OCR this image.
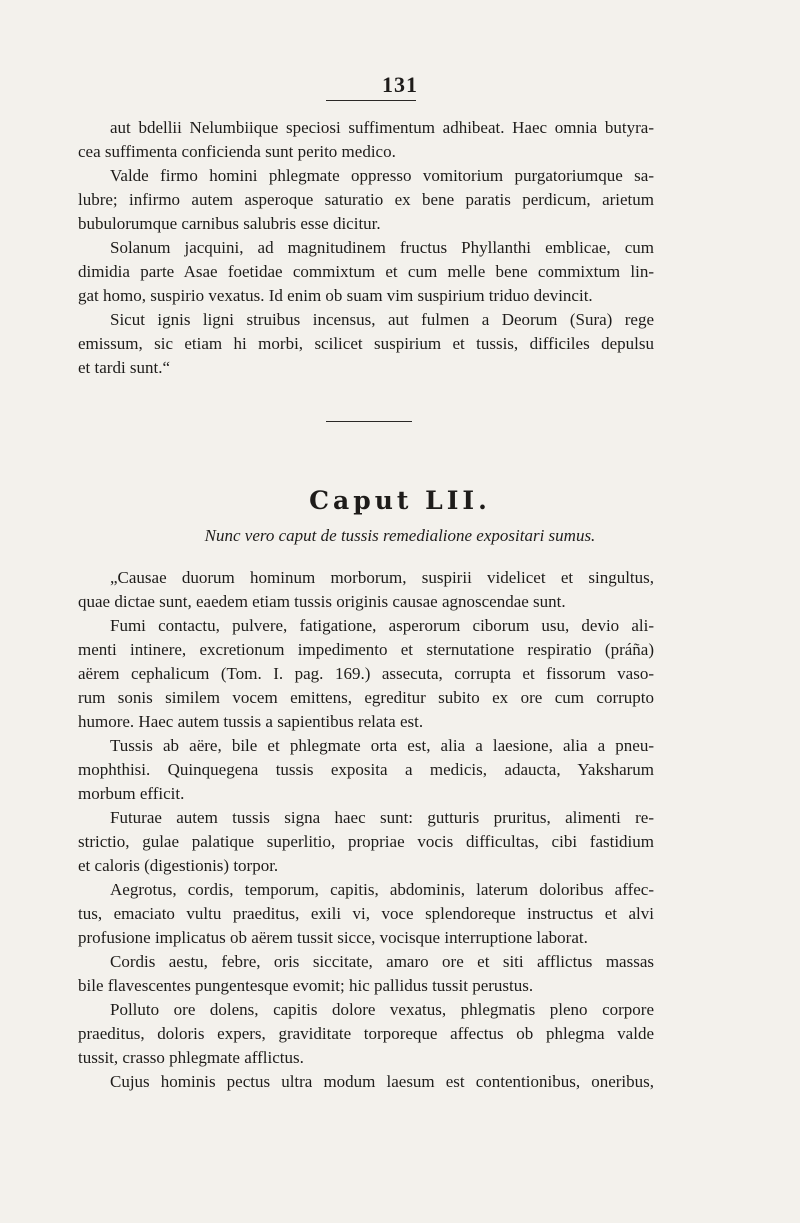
131
aut bdellii Nelumbiique speciosi suffimentum adhibeat. Haec omnia butyra-
cea suffimenta conficienda sunt perito medico.
Valde firmo homini phlegmate oppresso vomitorium purgatoriumque sa-
lubre; infirmo autem asperoque saturatio ex bene paratis perdicum, arietum
bubulorumque carnibus salubris esse dicitur.
Solanum jacquini, ad magnitudinem fructus Phyllanthi emblicae, cum
dimidia parte Asae foetidae commixtum et cum melle bene commixtum lin-
gat homo, suspirio vexatus. Id enim ob suam vim suspirium triduo devincit.
Sicut ignis ligni struibus incensus, aut fulmen a Deorum (Sura) rege
emissum, sic etiam hi morbi, scilicet suspirium et tussis, difficiles depulsu
et tardi sunt.“
Caput LII.
Nunc vero caput de tussis remedialione expositari sumus.
„Causae duorum hominum morborum, suspirii videlicet et singultus,
quae dictae sunt, eaedem etiam tussis originis causae agnoscendae sunt.
Fumi contactu, pulvere, fatigatione, asperorum ciborum usu, devio ali-
menti intinere, excretionum impedimento et sternutatione respiratio (práña)
aërem cephalicum (Tom. I. pag. 169.) assecuta, corrupta et fissorum vaso-
rum sonis similem vocem emittens, egreditur subito ex ore cum corrupto
humore. Haec autem tussis a sapientibus relata est.
Tussis ab aëre, bile et phlegmate orta est, alia a laesione, alia a pneu-
mophthisi. Quinquegena tussis exposita a medicis, adaucta, Yaksharum
morbum efficit.
Futurae autem tussis signa haec sunt: gutturis pruritus, alimenti re-
strictio, gulae palatique superlitio, propriae vocis difficultas, cibi fastidium
et caloris (digestionis) torpor.
Aegrotus, cordis, temporum, capitis, abdominis, laterum doloribus affec-
tus, emaciato vultu praeditus, exili vi, voce splendoreque instructus et alvi
profusione implicatus ob aërem tussit sicce, vocisque interruptione laborat.
Cordis aestu, febre, oris siccitate, amaro ore et siti afflictus massas
bile flavescentes pungentesque evomit; hic pallidus tussit perustus.
Polluto ore dolens, capitis dolore vexatus, phlegmatis pleno corpore
praeditus, doloris expers, graviditate torporeque affectus ob phlegma valde
tussit, crasso phlegmate afflictus.
Cujus hominis pectus ultra modum laesum est contentionibus, oneribus,
